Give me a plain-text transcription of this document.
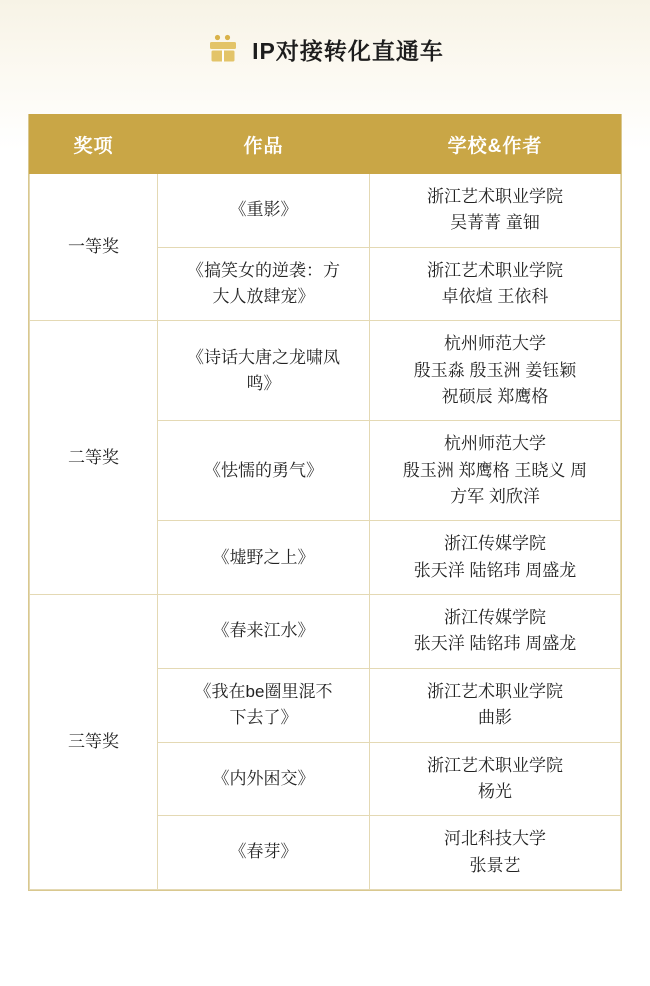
IP对接转化直通车
奖项	作品	学校&作者
一等奖	《重影》	浙江艺术职业学院
吴菁菁 童钿

	《搞笑女的逆袭：方
大人放肆宠》	浙江艺术职业学院
卓依煊 王依科

二等奖	《诗话大唐之龙啸凤
鸣》	杭州师范大学
殷玉淼 殷玉洲 姜钰颖
祝硕辰 郑鹰格

	《怯懦的勇气》	杭州师范大学
殷玉洲 郑鹰格 王晓义 周
方军 刘欣洋

	《墟野之上》	浙江传媒学院
张天洋 陆铭玮 周盛龙

三等奖	《春来江水》	浙江传媒学院
张天洋 陆铭玮 周盛龙

	《我在be圈里混不
下去了》	浙江艺术职业学院
曲影

	《内外困交》	浙江艺术职业学院
杨光

	《春芽》	河北科技大学
张景艺
